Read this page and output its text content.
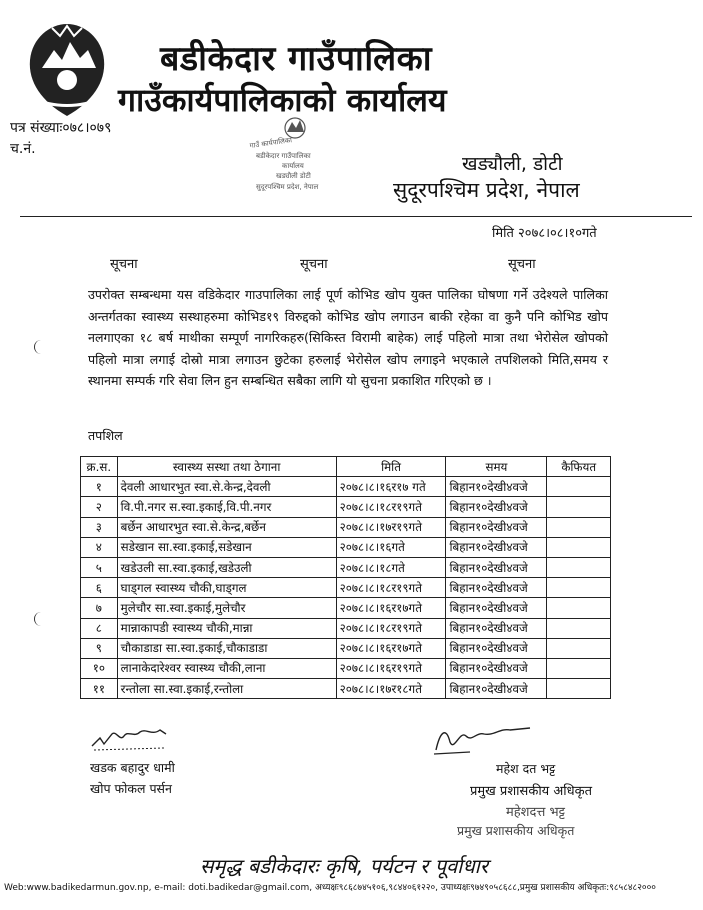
बडीकेदार गाउँपालिका
गाउँकार्यपालिकाको कार्यालय
पत्र संख्याः०७८।०७९
च.नं.	गाउँ कार्यपालिका
बडीकेदार गाउँपालिका
कार्यालय
खड्यौली डोटी
सुदूरपश्चिम प्रदेश, नेपाल
खड्यौली, डोटी
सुदूरपश्चिम प्रदेश, नेपाल
मिति २०७८।०८।१०गते
सूचना	सूचना	सूचना
उपरोक्त सम्बन्धमा यस वडिकेदार गाउपालिका लाई पूर्ण कोभिड खोप युक्त पालिका घोषणा गर्ने उदेश्यले पालिका अन्तर्गतका स्वास्थ्य सस्थाहरुमा कोभिड१९ विरुद्दको कोभिड खोप लगाउन बाकी रहेका वा कुनै पनि कोभिड खोप नलगाएका १८ बर्ष माथीका सम्पूर्ण नागरिकहरु(सिकिस्त विरामी बाहेक) लाई पहिलो मात्रा तथा भेरोसेल खोपको पहिलो मात्रा लगाई दोस्रो मात्रा लगाउन छुटेका हरुलाई भेरोसेल खोप लगाइने भएकाले तपशिलको मिति,समय र स्थानमा सम्पर्क गरि सेवा लिन हुन सम्बन्धित सबैका लागि यो सुचना प्रकाशित गरिएको छ ।
तपशिल
क्र.स.	स्वास्थ्य सस्था तथा ठेगाना	मिति	समय	कैफियत
१	देवली आधारभुत स्वा.से.केन्द्र,देवली	२०७८।८।१६र१७ गते	बिहान१०देखी४वजे	
२	वि.पी.नगर स.स्वा.इकाई,वि.पी.नगर	२०७८।८।१८र१९गते	बिहान१०देखी४वजे	
३	बर्छेन आधारभुत स्वा.से.केन्द्र,बर्छेन	२०७८।८।१७र१९गते	बिहान१०देखी४वजे	
४	सडेखान सा.स्वा.इकाई,सडेखान	२०७८।८।१६गते	बिहान१०देखी४वजे	
५	खडेउली सा.स्वा.इकाई,खडेउली	२०७८।८।१८गते	बिहान१०देखी४वजे	
६	घाड्गल स्वास्थ्य चौकी,घाड्गल	२०७८।८।१८र१९गते	बिहान१०देखी४वजे	
७	मुलेचौर सा.स्वा.इकाई,मुलेचौर	२०७८।८।१६र१७गते	बिहान१०देखी४वजे	
८	मान्नाकापडी स्वास्थ्य चौकी,मान्ना	२०७८।८।१८र१९गते	बिहान१०देखी४वजे	
९	चौकाडाडा सा.स्वा.इकाई,चौकाडाडा	२०७८।८।१६र१७गते	बिहान१०देखी४वजे	
१०	लानाकेदारेश्वर स्वास्थ्य चौकी,लाना	२०७८।८।१६र१९गते	बिहान१०देखी४वजे	
११	रन्तोला सा.स्वा.इकाई,रन्तोला	२०७८।८।१७र१८गते	बिहान१०देखी४वजे	
खडक बहादुर धामी
खोप फोकल पर्सन
महेश दत भट्ट
प्रमुख प्रशासकीय अधिकृत
महेशदत्त भट्ट
प्रमुख प्रशासकीय अधिकृत
समृद्ध बडीकेदारः कृषि, पर्यटन र पूर्वाधार
Web:www.badikedarmun.gov.np, e-mail: doti.badikedar@gmail.com, अध्यक्षः९८६८७४५१०६,९८४४०६१२२०, उपाध्यक्षः९७४९०५८६८८,प्रमुख प्रशासकीय अधिकृतः:९८५८४८२०००
